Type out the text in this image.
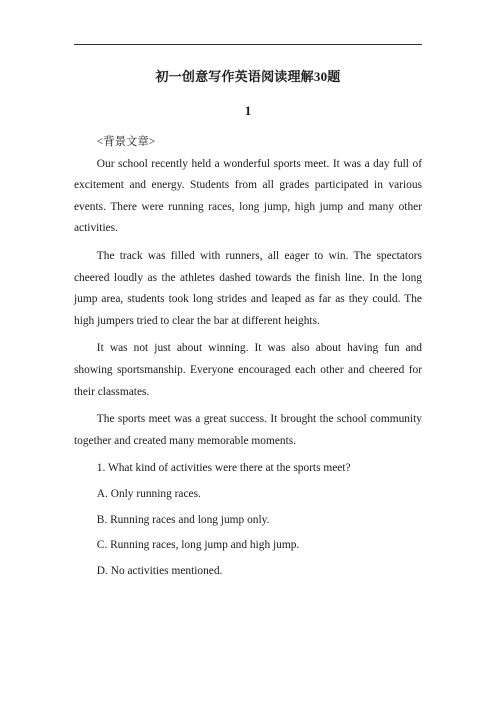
初一创意写作英语阅读理解30题
1

<背景文章>

Our school recently held a wonderful sports meet. It was a day full of excitement and energy. Students from all grades participated in various events. There were running races, long jump, high jump and many other activities.

The track was filled with runners, all eager to win. The spectators cheered loudly as the athletes dashed towards the finish line. In the long jump area, students took long strides and leaped as far as they could. The high jumpers tried to clear the bar at different heights.

It was not just about winning. It was also about having fun and showing sportsmanship. Everyone encouraged each other and cheered for their classmates.

The sports meet was a great success. It brought the school community together and created many memorable moments.

1. What kind of activities were there at the sports meet?

A. Only running races.

B. Running races and long jump only.

C. Running races, long jump and high jump.

D. No activities mentioned.
